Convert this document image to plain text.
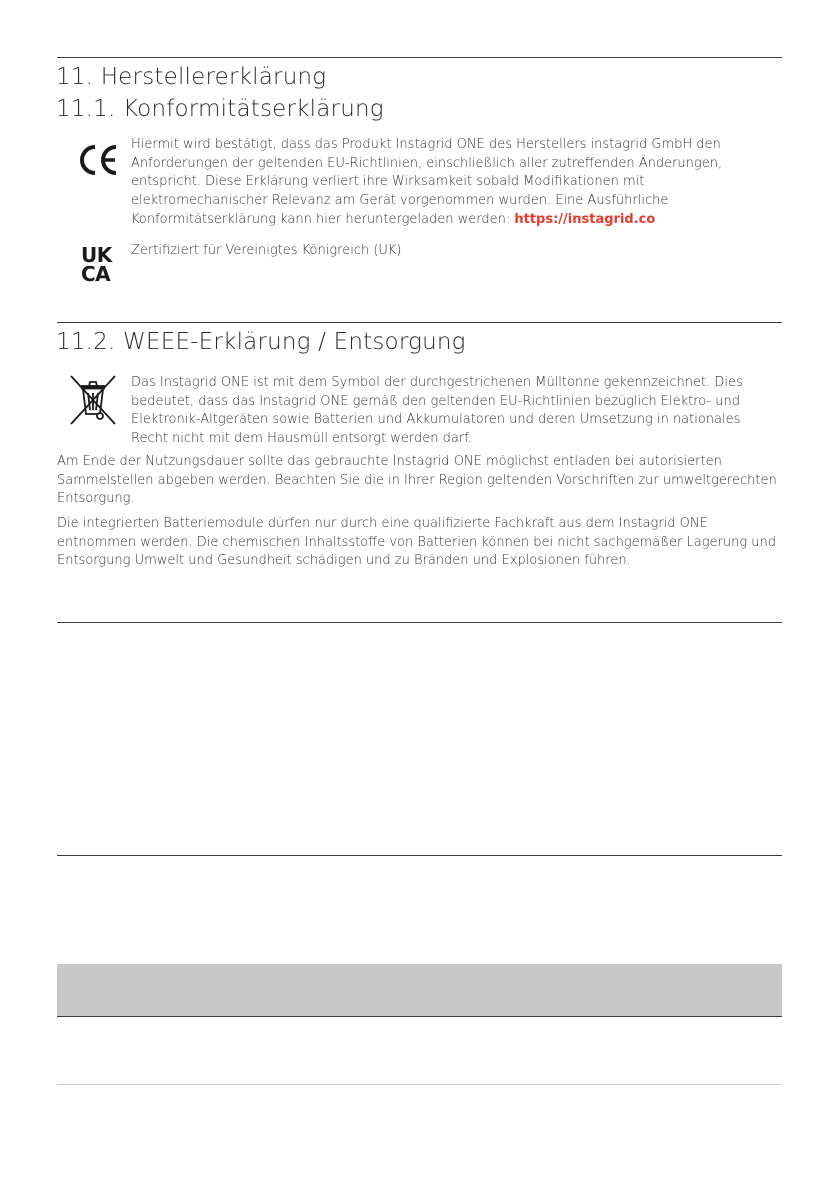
11. Herstellererklärung
11.1. Konformitätserklärung
Hiermit wird bestätigt, dass das Produkt Instagrid ONE des Herstellers instagrid GmbH den Anforderungen der geltenden EU-Richtlinien, einschließlich aller zutreffenden Änderungen, entspricht. Diese Erklärung verliert ihre Wirksamkeit sobald Modifikationen mit elektromechanischer Relevanz am Gerät vorgenommen wurden. Eine Ausführliche Konformitätserklärung kann hier heruntergeladen werden: https://instagrid.co
UK
CA
Zertifiziert für Vereinigtes Königreich (UK)
11.2. WEEE-Erklärung / Entsorgung
Das Instagrid ONE ist mit dem Symbol der durchgestrichenen Mülltonne gekennzeichnet. Dies bedeutet, dass das Instagrid ONE gemäß den geltenden EU-Richtlinien bezüglich Elektro- und Elektronik-Altgeräten sowie Batterien und Akkumulatoren und deren Umsetzung in nationales Recht nicht mit dem Hausmüll entsorgt werden darf.
Am Ende der Nutzungsdauer sollte das gebrauchte Instagrid ONE möglichst entladen bei autorisierten Sammelstellen abgeben werden. Beachten Sie die in Ihrer Region geltenden Vorschriften zur umweltgerechten Entsorgung.
Die integrierten Batteriemodule dürfen nur durch eine qualifizierte Fachkraft aus dem Instagrid ONE entnommen werden. Die chemischen Inhaltsstoffe von Batterien können bei nicht sachgemäßer Lagerung und Entsorgung Umwelt und Gesundheit schädigen und zu Bränden und Explosionen führen.
